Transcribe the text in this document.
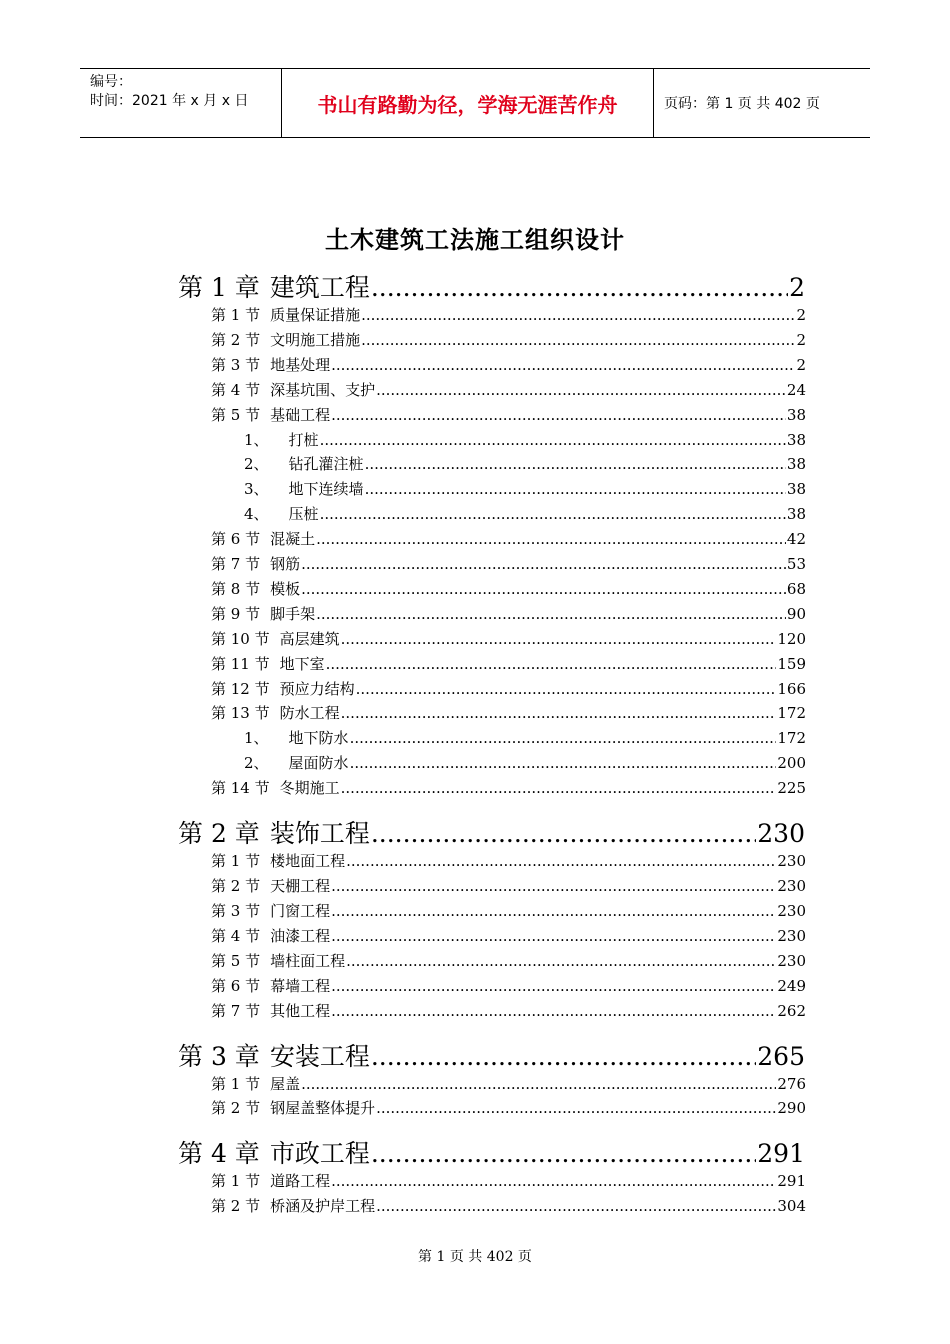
编号：
时间：2021 年 x 月 x 日	书山有路勤为径，学海无涯苦作舟	页码：第 1 页 共 402 页
土木建筑工法施工组织设计
第 1 章 建筑工程 .....	2
第 1 节 质量保证措施 .....	2
第 2 节 文明施工措施 .....	2
第 3 节 地基处理 .....	2
第 4 节 深基坑围、支护 .....	24
第 5 节 基础工程 .....	38
1、 打桩 .....	38
2、 钻孔灌注桩 .....	38
3、 地下连续墙 .....	38
4、 压桩 .....	38
第 6 节 混凝土 .....	42
第 7 节 钢筋 .....	53
第 8 节 模板 .....	68
第 9 节 脚手架 .....	90
第 10 节 高层建筑 .....	120
第 11 节 地下室 .....	159
第 12 节 预应力结构 .....	166
第 13 节 防水工程 .....	172
1、 地下防水 .....	172
2、 屋面防水 .....	200
第 14 节 冬期施工 .....	225
第 2 章 装饰工程 .....	230
第 1 节 楼地面工程 .....	230
第 2 节 天棚工程 .....	230
第 3 节 门窗工程 .....	230
第 4 节 油漆工程 .....	230
第 5 节 墙柱面工程 .....	230
第 6 节 幕墙工程 .....	249
第 7 节 其他工程 .....	262
第 3 章 安装工程 .....	265
第 1 节 屋盖 .....	276
第 2 节 钢屋盖整体提升 .....	290
第 4 章 市政工程 .....	291
第 1 节 道路工程 .....	291
第 2 节 桥涵及护岸工程 .....	304
第 1 页 共 402 页
